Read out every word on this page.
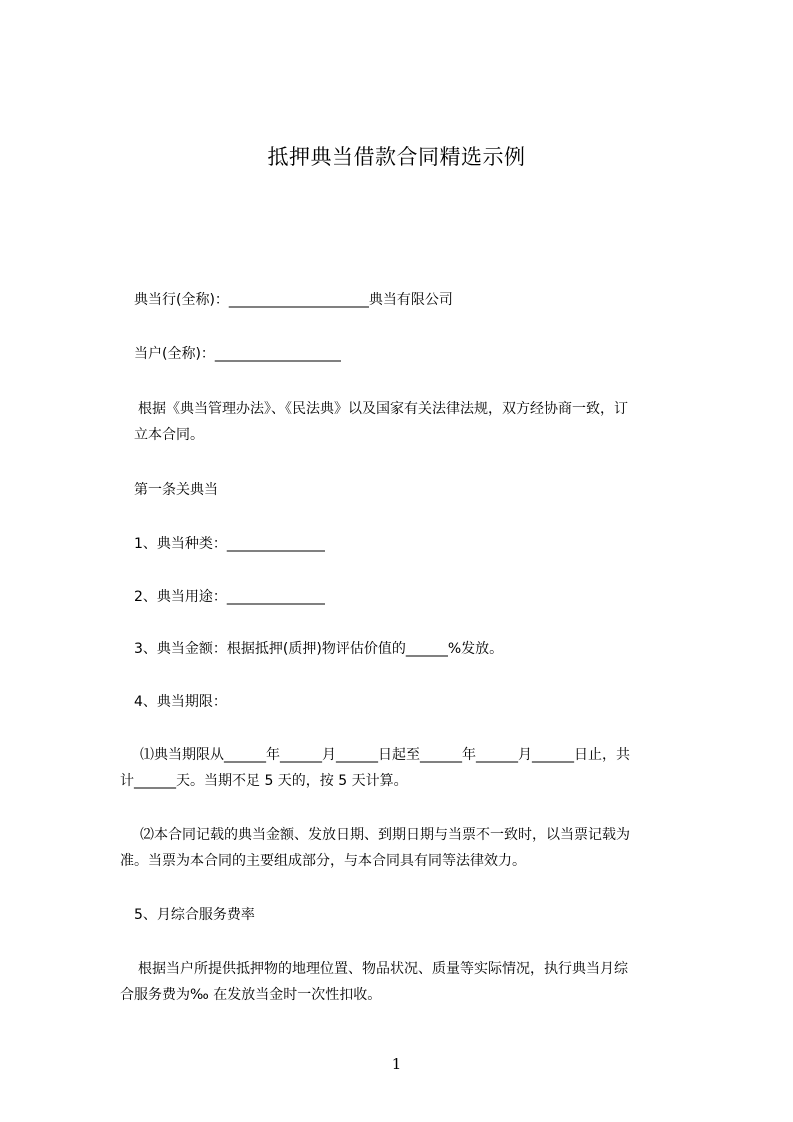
抵押典当借款合同精选示例
典当行(全称)：____________________典当有限公司
当户(全称)：__________________
根据《典当管理办法》、《民法典》以及国家有关法律法规，双方经协商一致，订
立本合同。
第一条关典当
1、典当种类：______________
2、典当用途：______________
3、典当金额：根据抵押(质押)物评估价值的______%发放。
4、典当期限：
⑴典当期限从______年______月______日起至______年______月______日止，共
计______天。当期不足 5 天的，按 5 天计算。
⑵本合同记载的典当金额、发放日期、到期日期与当票不一致时，以当票记载为
准。当票为本合同的主要组成部分，与本合同具有同等法律效力。
5、月综合服务费率
根据当户所提供抵押物的地理位置、物品状况、质量等实际情况，执行典当月综
合服务费为‰ 在发放当金时一次性扣收。
1
